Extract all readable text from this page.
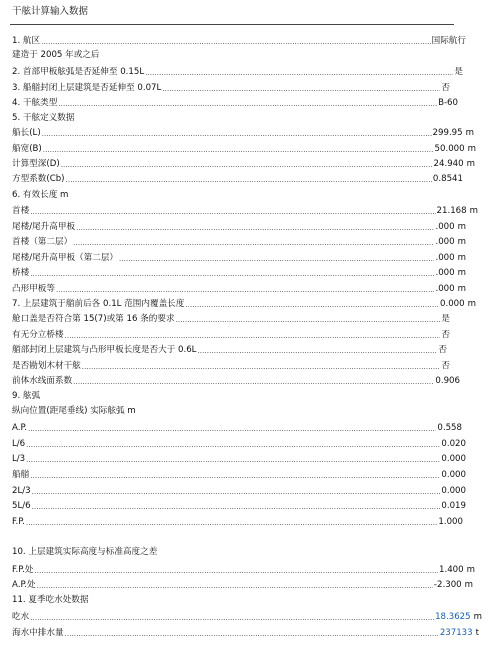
干舷计算输入数据
1. 航区 .....	国际航行
建造于 2005 年或之后
2. 首部甲板舷弧是否延伸至 0.15L .....	是
3. 船艏封闭上层建筑是否延伸至 0.07L .....	否
4. 干舷类型 .....	B-60
5. 干舷定义数据
船长(L) .....	299.95 m
船宽(B) .....	50.000 m
计算型深(D) .....	24.940 m
方型系数(Cb) .....	0.8541
6. 有效长度 m
首楼 .....	21.168 m
尾楼/尾升高甲板 .....	.000 m
首楼（第二层） .....	.000 m
尾楼/尾升高甲板（第二层） .....	.000 m
桥楼 .....	.000 m
凸形甲板等 .....	.000 m
7. 上层建筑于艏前后各 0.1L 范围内覆盖长度 .....	0.000 m
舱口盖是否符合第 15(7)或第 16 条的要求 .....	是
有无分立桥楼 .....	否
艏部封闭上层建筑与凸形甲板长度是否大于 0.6L .....	否
是否勘划木材干舷 .....	否
前体水线面系数 .....	0.906
9. 舷弧
纵向位置(距尾垂线) 实际舷弧 m
A.P. .....	0.558
L/6 .....	0.020
L/3 .....	0.000
船艏 .....	0.000
2L/3 .....	0.000
5L/6 .....	0.019
F.P. .....	1.000
10. 上层建筑实际高度与标准高度之差
F.P.处 .....	1.400 m
A.P.处 .....	-2.300 m
11. 夏季吃水处数据
吃水 .....	18.3625 m
海水中排水量 .....	237133 t
